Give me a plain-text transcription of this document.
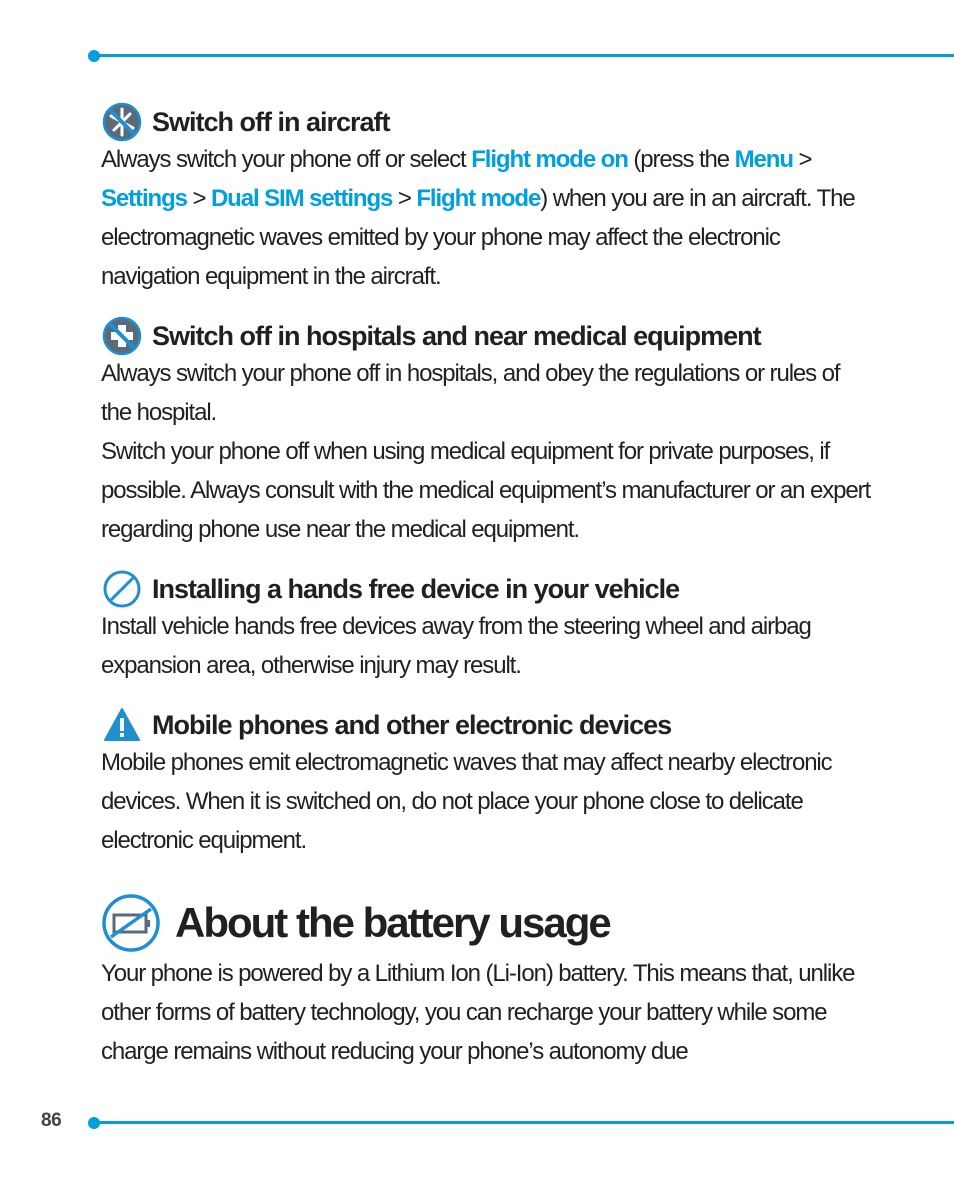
86
Switch off in aircraft

Always switch your phone off or select Flight mode on (press the Menu > Settings > Dual SIM settings > Flight mode) when you are in an aircraft. The electromagnetic waves emitted by your phone may affect the electronic navigation equipment in the aircraft.

Switch off in hospitals and near medical equipment

Always switch your phone off in hospitals, and obey the regulations or rules of the hospital.

Switch your phone off when using medical equipment for private purposes, if possible. Always consult with the medical equipment’s manufacturer or an expert regarding phone use near the medical equipment.

Installing a hands free device in your vehicle

Install vehicle hands free devices away from the steering wheel and airbag expansion area, otherwise injury may result.

Mobile phones and other electronic devices

Mobile phones emit electromagnetic waves that may affect nearby electronic devices. When it is switched on, do not place your phone close to delicate electronic equipment.

About the battery usage

Your phone is powered by a Lithium Ion (Li-Ion) battery. This means that, unlike other forms of battery technology, you can recharge your battery while some charge remains without reducing your phone’s autonomy due
